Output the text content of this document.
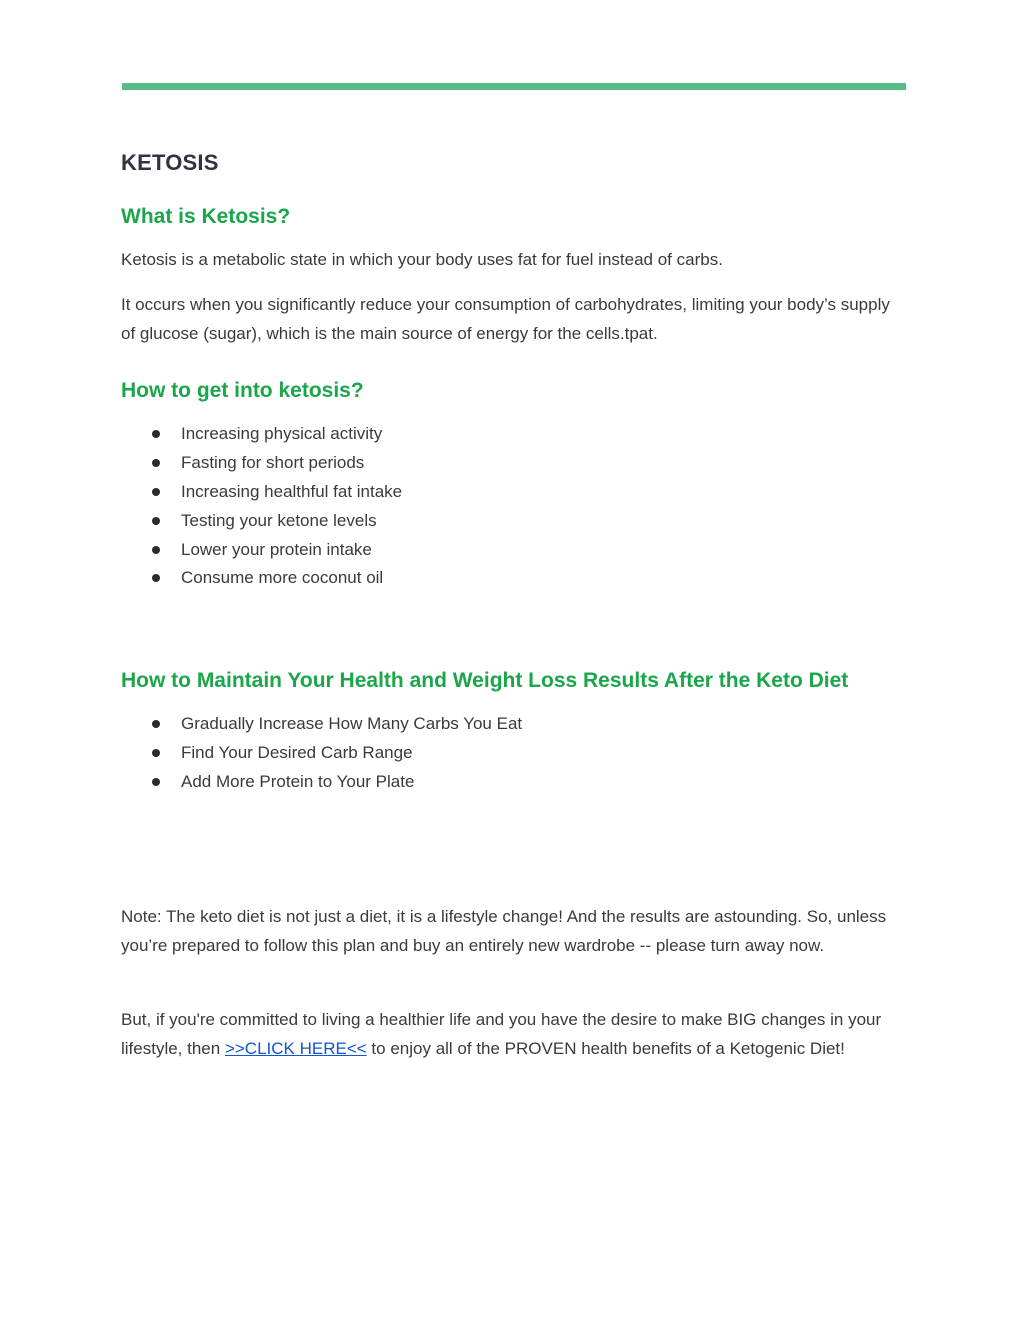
KETOSIS
What is Ketosis?

Ketosis is a metabolic state in which your body uses fat for fuel instead of carbs.

It occurs when you significantly reduce your consumption of carbohydrates, limiting your body’s supply of glucose (sugar), which is the main source of energy for the cells.tpat.

How to get into ketosis?
Increasing physical activity
Fasting for short periods
Increasing healthful fat intake
Testing your ketone levels
Lower your protein intake
Consume more coconut oil
How to Maintain Your Health and Weight Loss Results After the Keto Diet
Gradually Increase How Many Carbs You Eat
Find Your Desired Carb Range
Add More Protein to Your Plate

Note: The keto diet is not just a diet, it is a lifestyle change! And the results are astounding. So, unless you’re prepared to follow this plan and buy an entirely new wardrobe -- please turn away now.

But, if you're committed to living a healthier life and you have the desire to make BIG changes in your lifestyle, then >>CLICK HERE<< to enjoy all of the PROVEN health benefits of a Ketogenic Diet!
